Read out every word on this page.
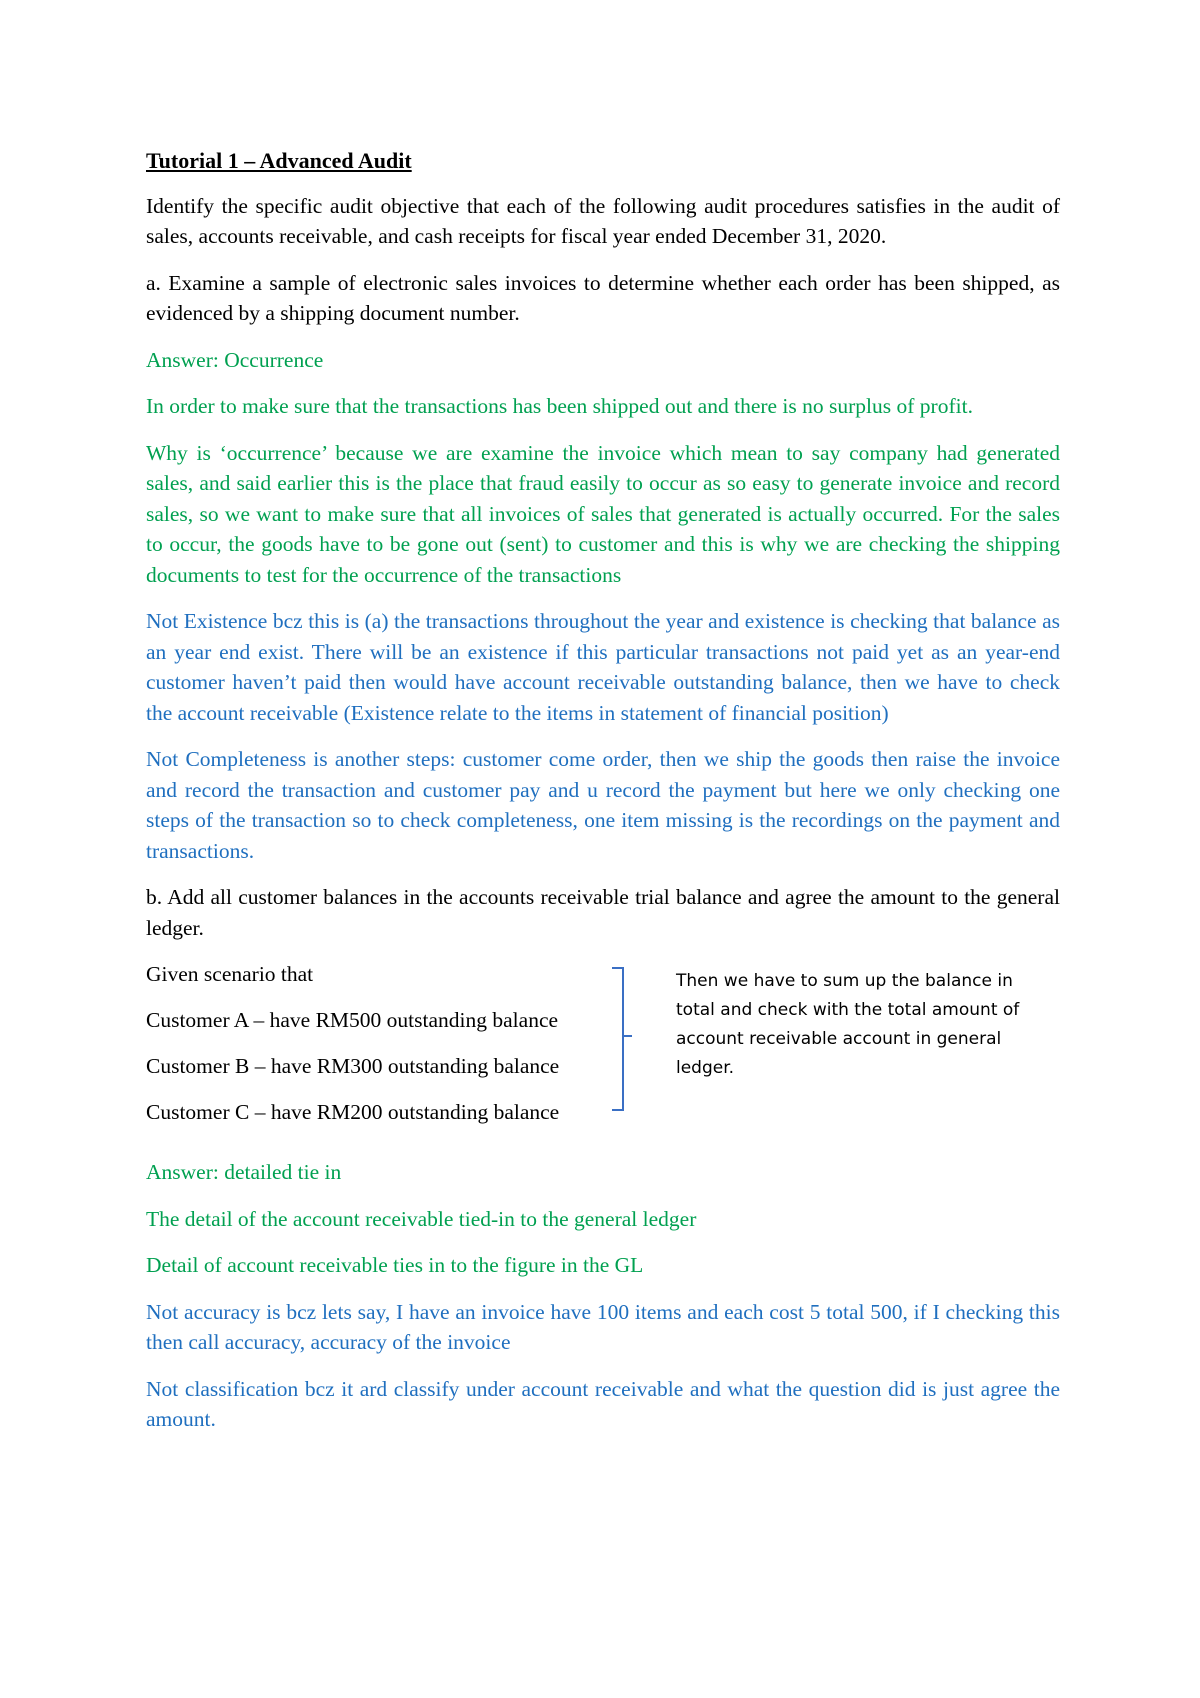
Tutorial 1 – Advanced Audit

Identify the specific audit objective that each of the following audit procedures satisfies in the audit of sales, accounts receivable, and cash receipts for fiscal year ended December 31, 2020.

a. Examine a sample of electronic sales invoices to determine whether each order has been shipped, as evidenced by a shipping document number.

Answer: Occurrence

In order to make sure that the transactions has been shipped out and there is no surplus of profit.

Why is ‘occurrence’ because we are examine the invoice which mean to say company had generated sales, and said earlier this is the place that fraud easily to occur as so easy to generate invoice and record sales, so we want to make sure that all invoices of sales that generated is actually occurred. For the sales to occur, the goods have to be gone out (sent) to customer and this is why we are checking the shipping documents to test for the occurrence of the transactions

Not Existence bcz this is (a) the transactions throughout the year and existence is checking that balance as an year end exist. There will be an existence if this particular transactions not paid yet as an year-end customer haven’t paid then would have account receivable outstanding balance, then we have to check the account receivable (Existence relate to the items in statement of financial position)

Not Completeness is another steps: customer come order, then we ship the goods then raise the invoice and record the transaction and customer pay and u record the payment but here we only checking one steps of the transaction so to check completeness, one item missing is the recordings on the payment and transactions.

b. Add all customer balances in the accounts receivable trial balance and agree the amount to the general ledger.

Given scenario that

Customer A – have RM500 outstanding balance

Customer B – have RM300 outstanding balance

Customer C – have RM200 outstanding balance

Then we have to sum up the balance in total and check with the total amount of account receivable account in general ledger.

Answer: detailed tie in

The detail of the account receivable tied-in to the general ledger

Detail of account receivable ties in to the figure in the GL

Not accuracy is bcz lets say, I have an invoice have 100 items and each cost 5 total 500, if I checking this then call accuracy, accuracy of the invoice

Not classification bcz it ard classify under account receivable and what the question did is just agree the amount.
